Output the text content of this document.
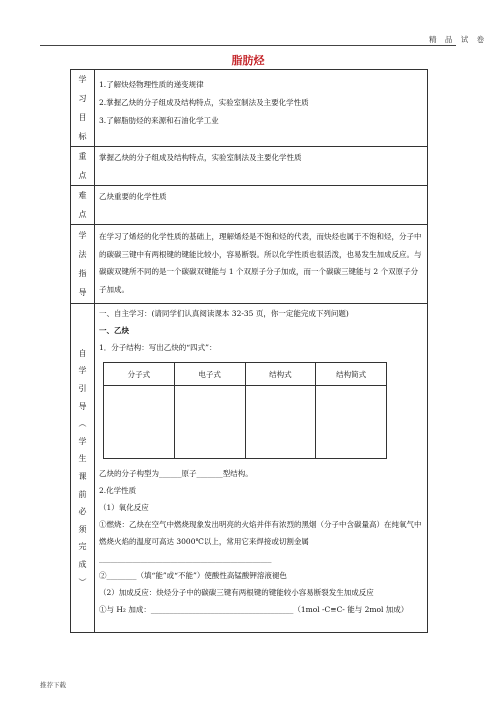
精 品 试 卷
脂肪烃
学
习
目
标

1.了解炔烃物理性质的递变规律
2.掌握乙炔的分子组成及结构特点，实验室制法及主要化学性质
3.了解脂肪烃的来源和石油化学工业

重
点
	掌握乙炔的分子组成及结构特点，实验室制法及主要化学性质

难
点
	乙炔重要的化学性质

学
法
指
导
	在学习了烯烃的化学性质的基础上，理解烯烃是不饱和烃的代表，而炔烃也属于不饱和烃，分子中的碳碳三键中有两根键的键能比较小，容易断裂。所以化学性质也很活泼，也易发生加成反应。与碳碳双键所不同的是一个碳碳双键能与 1 个双原子分子加成，而一个碳碳三键能与 2 个双原子分子加成。

自
学
引
导
︵
学
生
课
前
必
须
完
成
︶

一、自主学习：(请同学们认真阅读课本 32-35 页，你一定能完成下列问题)
一、乙炔
1．分子结构：写出乙炔的“四式”：
分子式	电子式	结构式	结构简式

乙炔的分子构型为______原子_______型结构。
2.化学性质
（1）氧化反应
①燃烧：乙炔在空气中燃烧现象发出明亮的火焰并伴有浓烈的黑烟（分子中含碳量高）在纯氧气中燃烧火焰的温度可高达 3000℃以上，常用它来焊接或切割金属
______________________________________________
②________（填“能”或“不能”）使酸性高锰酸钾溶液褪色
（2）加成反应：炔烃分子中的碳碳三键有两根键的键能较小容易断裂发生加成反应
①与 H₂ 加成：______________________________________（1mol -C≡C- 能与 2mol 加成）
推荐下载
